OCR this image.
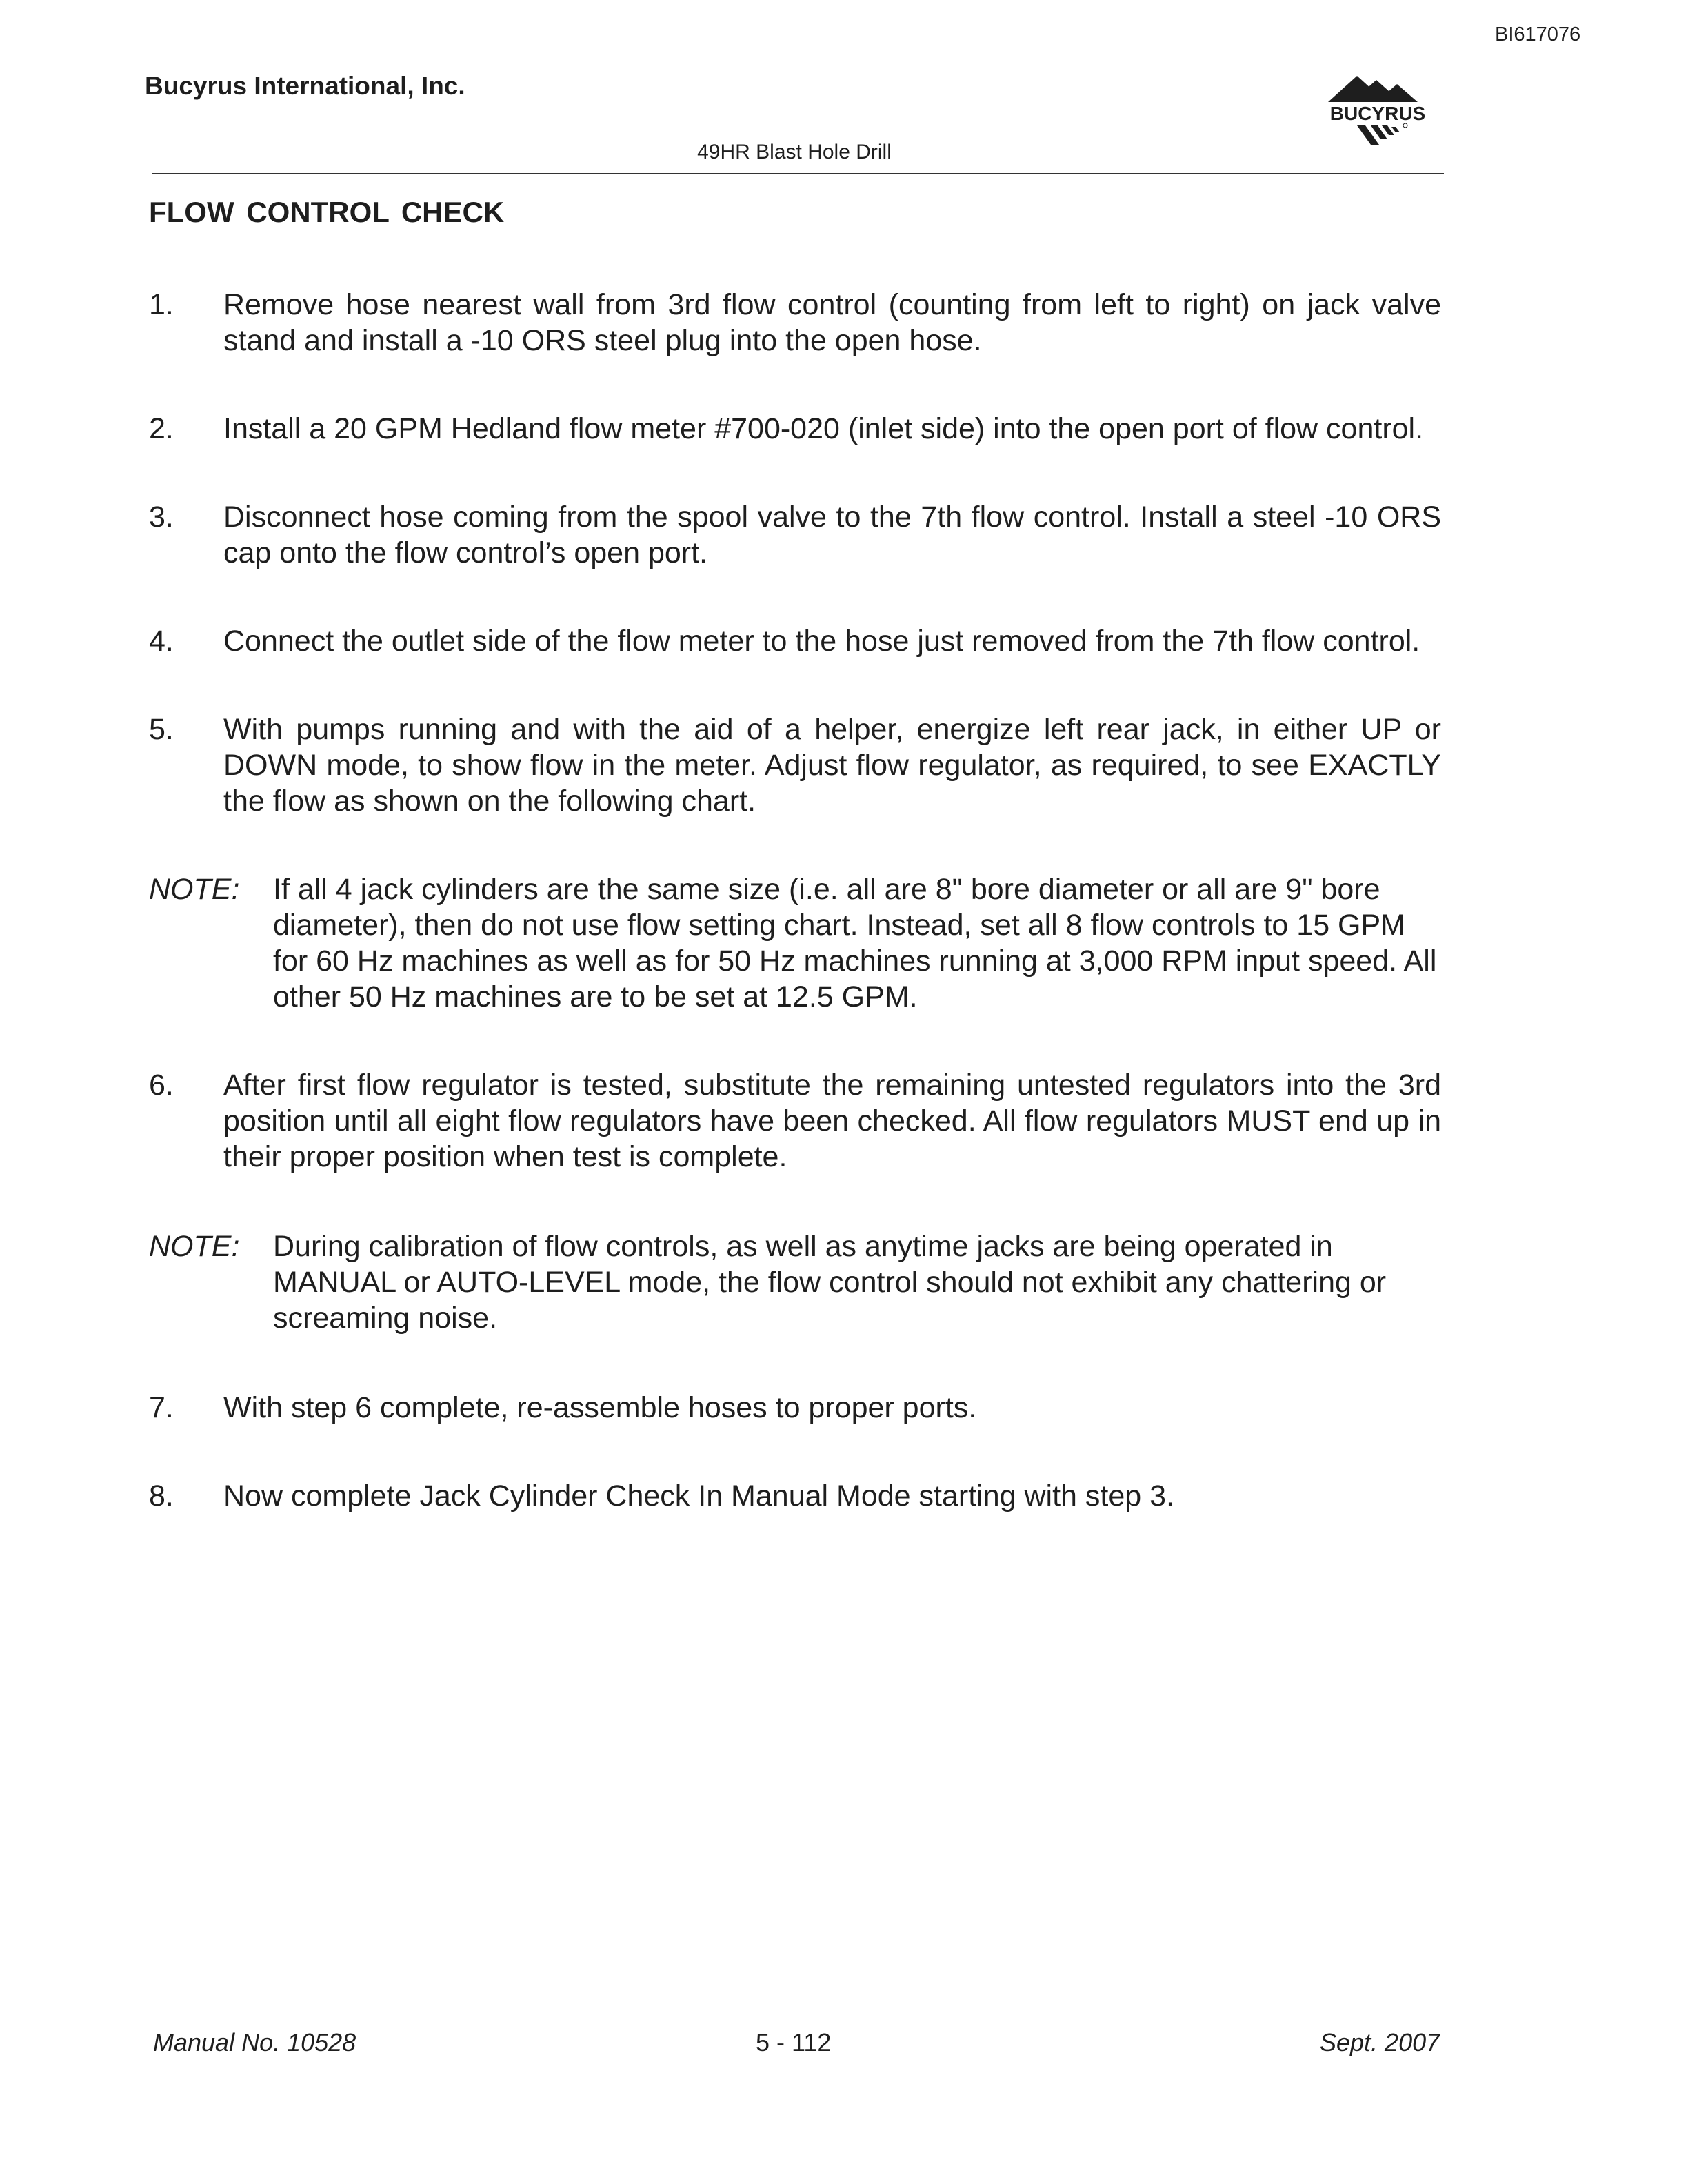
BI617076
Bucyrus International, Inc.
BUCYRUS
49HR Blast Hole Drill
FLOW CONTROL CHECK
1. Remove hose nearest wall from 3rd flow control (counting from left to right) on jack valve stand and install a -10 ORS steel plug into the open hose.
2. Install a 20 GPM Hedland flow meter #700-020 (inlet side) into the open port of flow control.
3. Disconnect hose coming from the spool valve to the 7th flow control. Install a steel -10 ORS cap onto the flow control’s open port.
4. Connect the outlet side of the flow meter to the hose just removed from the 7th flow control.
5. With pumps running and with the aid of a helper, energize left rear jack, in either UP or DOWN mode, to show flow in the meter. Adjust flow regulator, as required, to see EXACTLY the flow as shown on the following chart.
NOTE: If all 4 jack cylinders are the same size (i.e. all are 8" bore diameter or all are 9" bore diameter), then do not use flow setting chart. Instead, set all 8 flow controls to 15 GPM for 60 Hz machines as well as for 50 Hz machines running at 3,000 RPM input speed. All other 50 Hz machines are to be set at 12.5 GPM.
6. After first flow regulator is tested, substitute the remaining untested regulators into the 3rd position until all eight flow regulators have been checked. All flow regulators MUST end up in their proper position when test is complete.
NOTE: During calibration of flow controls, as well as anytime jacks are being operated in MANUAL or AUTO-LEVEL mode, the flow control should not exhibit any chattering or screaming noise.
7. With step 6 complete, re-assemble hoses to proper ports.
8. Now complete Jack Cylinder Check In Manual Mode starting with step 3.
Manual No. 10528	5 - 112	Sept. 2007
